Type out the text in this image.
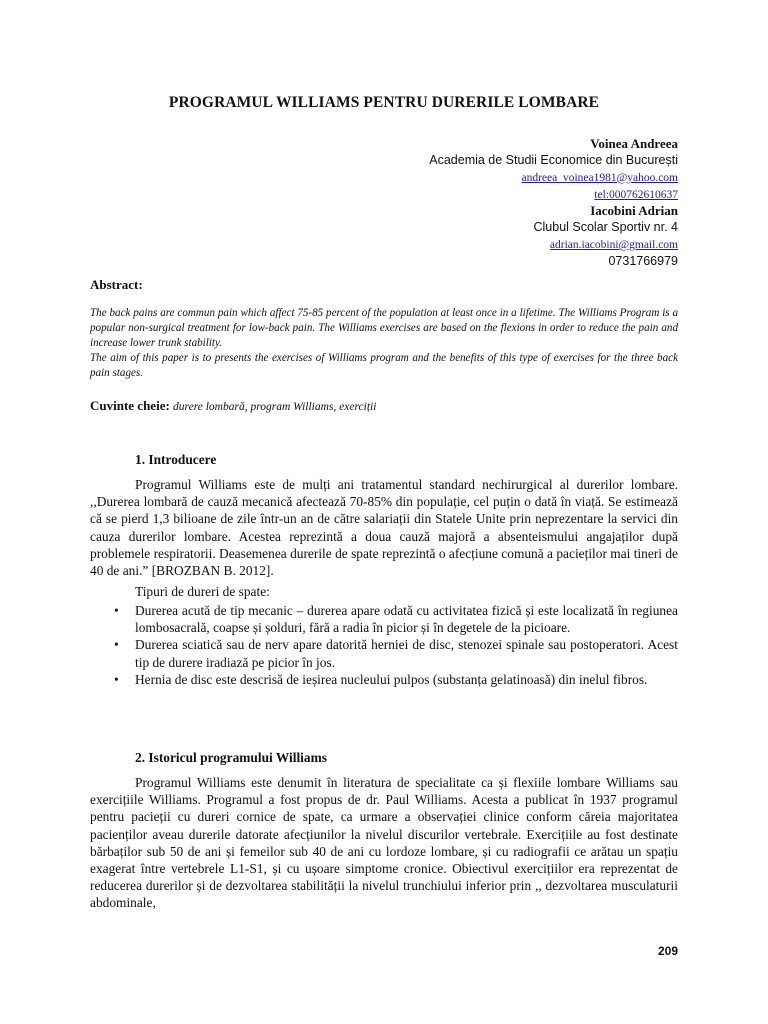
PROGRAMUL WILLIAMS PENTRU DURERILE LOMBARE
Voinea Andreea
Academia de Studii Economice din București
andreea_voinea1981@yahoo.com
tel:000762610637
Iacobini Adrian
Clubul Scolar Sportiv nr. 4
adrian.iacobini@gmail.com
0731766979
Abstract:

The back pains are commun pain which affect 75-85 percent of the population at least once in a lifetime. The Williams Program is a popular non-surgical treatment for low-back pain. The Williams exercises are based on the flexions in order to reduce the pain and increase lower trunk stability.

The aim of this paper is to presents the exercises of Williams program and the benefits of this type of exercises for the three back pain stages.

Cuvinte cheie: durere lombară, program Williams, exerciții
1. Introducere

Programul Williams este de mulți ani tratamentul standard nechirurgical al durerilor lombare. ,,Durerea lombară de cauză mecanică afectează 70-85% din populație, cel puțin o dată în viață. Se estimează că se pierd 1,3 bilioane de zile într-un an de către salariații din Statele Unite prin neprezentare la servici din cauza durerilor lombare. Acestea reprezintă a doua cauză majoră a absenteismului angajaților după problemele respiratorii. Deasemenea durerile de spate reprezintă o afecțiune comună a pacieților mai tineri de 40 de ani.” [BROZBAN B. 2012].

Tipuri de dureri de spate:
• Durerea acută de tip mecanic – durerea apare odată cu activitatea fizică și este localizată în regiunea lombosacrală, coapse și șolduri, fără a radia în picior și în degetele de la picioare.
• Durerea sciatică sau de nerv apare datorită herniei de disc, stenozei spinale sau postoperatori. Acest tip de durere iradiază pe picior în jos.
• Hernia de disc este descrisă de ieșirea nucleului pulpos (substanța gelatinoasă) din inelul fibros.
2. Istoricul programului Williams

Programul Williams este denumit în literatura de specialitate ca și flexiile lombare Williams sau exercițiile Williams. Programul a fost propus de dr. Paul Williams. Acesta a publicat în 1937 programul pentru pacieții cu dureri cornice de spate, ca urmare a observației clinice conform căreia majoritatea pacienților aveau durerile datorate afecțiunilor la nivelul discurilor vertebrale. Exercițiile au fost destinate bărbaților sub 50 de ani și femeilor sub 40 de ani cu lordoze lombare, și cu radiografii ce arătau un spațiu exagerat între vertebrele L1-S1, și cu ușoare simptome cronice. Obiectivul exercițiilor era reprezentat de reducerea durerilor și de dezvoltarea stabilității la nivelul trunchiului inferior prin ,, dezvoltarea musculaturii abdominale,

209
